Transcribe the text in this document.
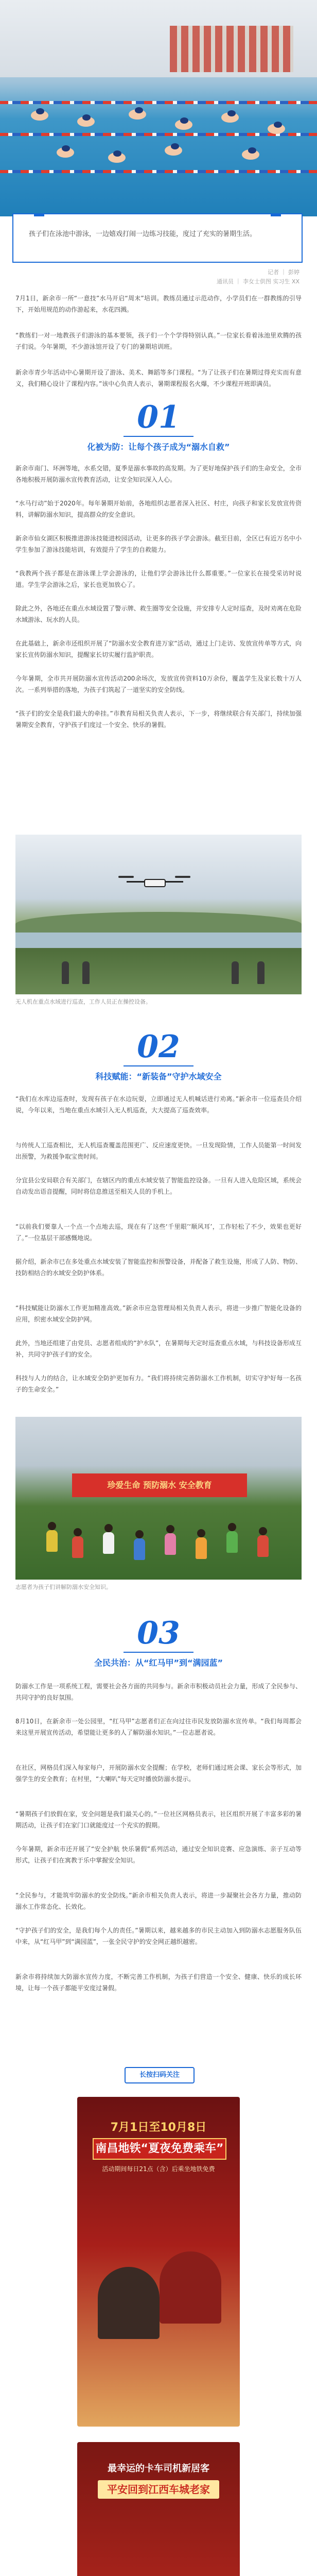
孩子们在泳池中游泳，一边嬉戏打闹一边练习技能，度过了充实的暑期生活。

记者 ｜ 彭婷
通讯员 ｜ 李女士供图 实习生 XX

7月1日，新余市一所“一意技”水马开启“周末”培训。教练员通过示范动作，小学员们在一群教练的引导下，开始用规范的动作游起来，水花四溅。

“教练们一对一地教孩子们游泳的基本要领，孩子们一个个学得特别认真。”一位家长看着泳池里欢腾的孩子们说。今年暑期，不少游泳馆开设了专门的暑期培训班。

新余市青少年活动中心暑期开设了游泳、美术、舞蹈等多门课程。“为了让孩子们在暑期过得充实而有意义，我们精心设计了课程内容。”该中心负责人表示，暑期课程报名火爆，不少课程开班即满员。

01
化被为防：让每个孩子成为“溺水自救”

新余市南门、环洲等地，水系交错，夏季是溺水事故的高发期。为了更好地保护孩子们的生命安全，全市各地积极开展防溺水宣传教育活动，让安全知识深入人心。

“水马行动”始于2020年。每年暑期开始前，各地组织志愿者深入社区、村庄，向孩子和家长发放宣传资料，讲解防溺水知识，提高群众的安全意识。

新余市仙女湖区积极推进游泳技能进校园活动，让更多的孩子学会游泳。截至目前，全区已有近万名中小学生参加了游泳技能培训，有效提升了学生的自救能力。

“我教两个孩子都是在游泳课上学会游泳的，让他们学会游泳比什么都重要。”一位家长在接受采访时说道。学生学会游泳之后，家长也更加放心了。

除此之外，各地还在重点水域设置了警示牌、救生圈等安全设施，并安排专人定时巡查，及时劝离在危险水域游泳、玩水的人员。

在此基础上，新余市还组织开展了“防溺水安全教育进万家”活动，通过上门走访、发放宣传单等方式，向家长宣传防溺水知识，提醒家长切实履行监护职责。

今年暑期，全市共开展防溺水宣传活动200余场次，发放宣传资料10万余份，覆盖学生及家长数十万人次。一系列举措的落地，为孩子们筑起了一道坚实的安全防线。

“孩子们的安全是我们最大的牵挂。”市教育局相关负责人表示，下一步，将继续联合有关部门，持续加强暑期安全教育，守护孩子们度过一个安全、快乐的暑假。

无人机在重点水域进行巡查，工作人员正在操控设备。
02
科技赋能：“新装备”守护水域安全

“我们在水库边巡查时，发现有孩子在水边玩耍，立即通过无人机喊话进行劝离。”新余市一位巡查员介绍说，今年以来，当地在重点水域引入无人机巡查，大大提高了巡查效率。

与传统人工巡查相比，无人机巡查覆盖范围更广、反应速度更快。一旦发现险情，工作人员能第一时间发出预警，为救援争取宝贵时间。

分宜县公安局联合有关部门，在辖区内的重点水域安装了智能监控设备。一旦有人进入危险区域，系统会自动发出语音提醒，同时将信息推送至相关人员的手机上。

“以前我们要靠人一个点一个点地去巡，现在有了这些‘千里眼’‘顺风耳’，工作轻松了不少，效果也更好了。”一位基层干部感慨地说。

据介绍，新余市已在多处重点水域安装了智能监控和预警设备，并配备了救生设施，形成了人防、物防、技防相结合的水域安全防护体系。

“科技赋能让防溺水工作更加精准高效。”新余市应急管理局相关负责人表示，将进一步推广智能化设备的应用，织密水域安全防护网。

此外，当地还组建了由党员、志愿者组成的“护水队”，在暑期每天定时巡查重点水域，与科技设备形成互补，共同守护孩子们的安全。

科技与人力的结合，让水域安全防护更加有力。“我们将持续完善防溺水工作机制，切实守护好每一名孩子的生命安全。”

珍爱生命 预防溺水 安全教育
志愿者为孩子们讲解防溺水安全知识。
03
全民共治：从“红马甲”到“满园蓝”

防溺水工作是一项系统工程，需要社会各方面的共同参与。新余市积极动员社会力量，形成了全民参与、共同守护的良好氛围。

8月10日，在新余市一处公园里，“红马甲”志愿者们正在向过往市民发放防溺水宣传单。“我们每周都会来这里开展宣传活动，希望能让更多的人了解防溺水知识。”一位志愿者说。

在社区，网格员们深入每家每户，开展防溺水安全提醒；在学校，老师们通过班会课、家长会等形式，加强学生的安全教育；在村里，“大喇叭”每天定时播放防溺水提示。

“暑期孩子们放假在家，安全问题是我们最关心的。”一位社区网格员表示，社区组织开展了丰富多彩的暑期活动，让孩子们在家门口就能度过一个充实的假期。

今年暑期，新余市还开展了“安全护航 快乐暑假”系列活动，通过安全知识竞赛、应急演练、亲子互动等形式，让孩子们在寓教于乐中掌握安全知识。

“全民参与，才能筑牢防溺水的安全防线。”新余市相关负责人表示，将进一步凝聚社会各方力量，推动防溺水工作常态化、长效化。

“守护孩子们的安全，是我们每个人的责任。”暑期以来，越来越多的市民主动加入到防溺水志愿服务队伍中来，从“红马甲”到“满园蓝”，一张全民守护的安全网正越织越密。

新余市将持续加大防溺水宣传力度，不断完善工作机制，为孩子们营造一个安全、健康、快乐的成长环境，让每一个孩子都能平安度过暑假。

长按扫码关注
7月1日至10月8日
南昌地铁“夏夜免费乘车”
活动期间每日21点（含）后乘坐地铁免费
最幸运的卡车司机新居客
平安回到江西车城老家
